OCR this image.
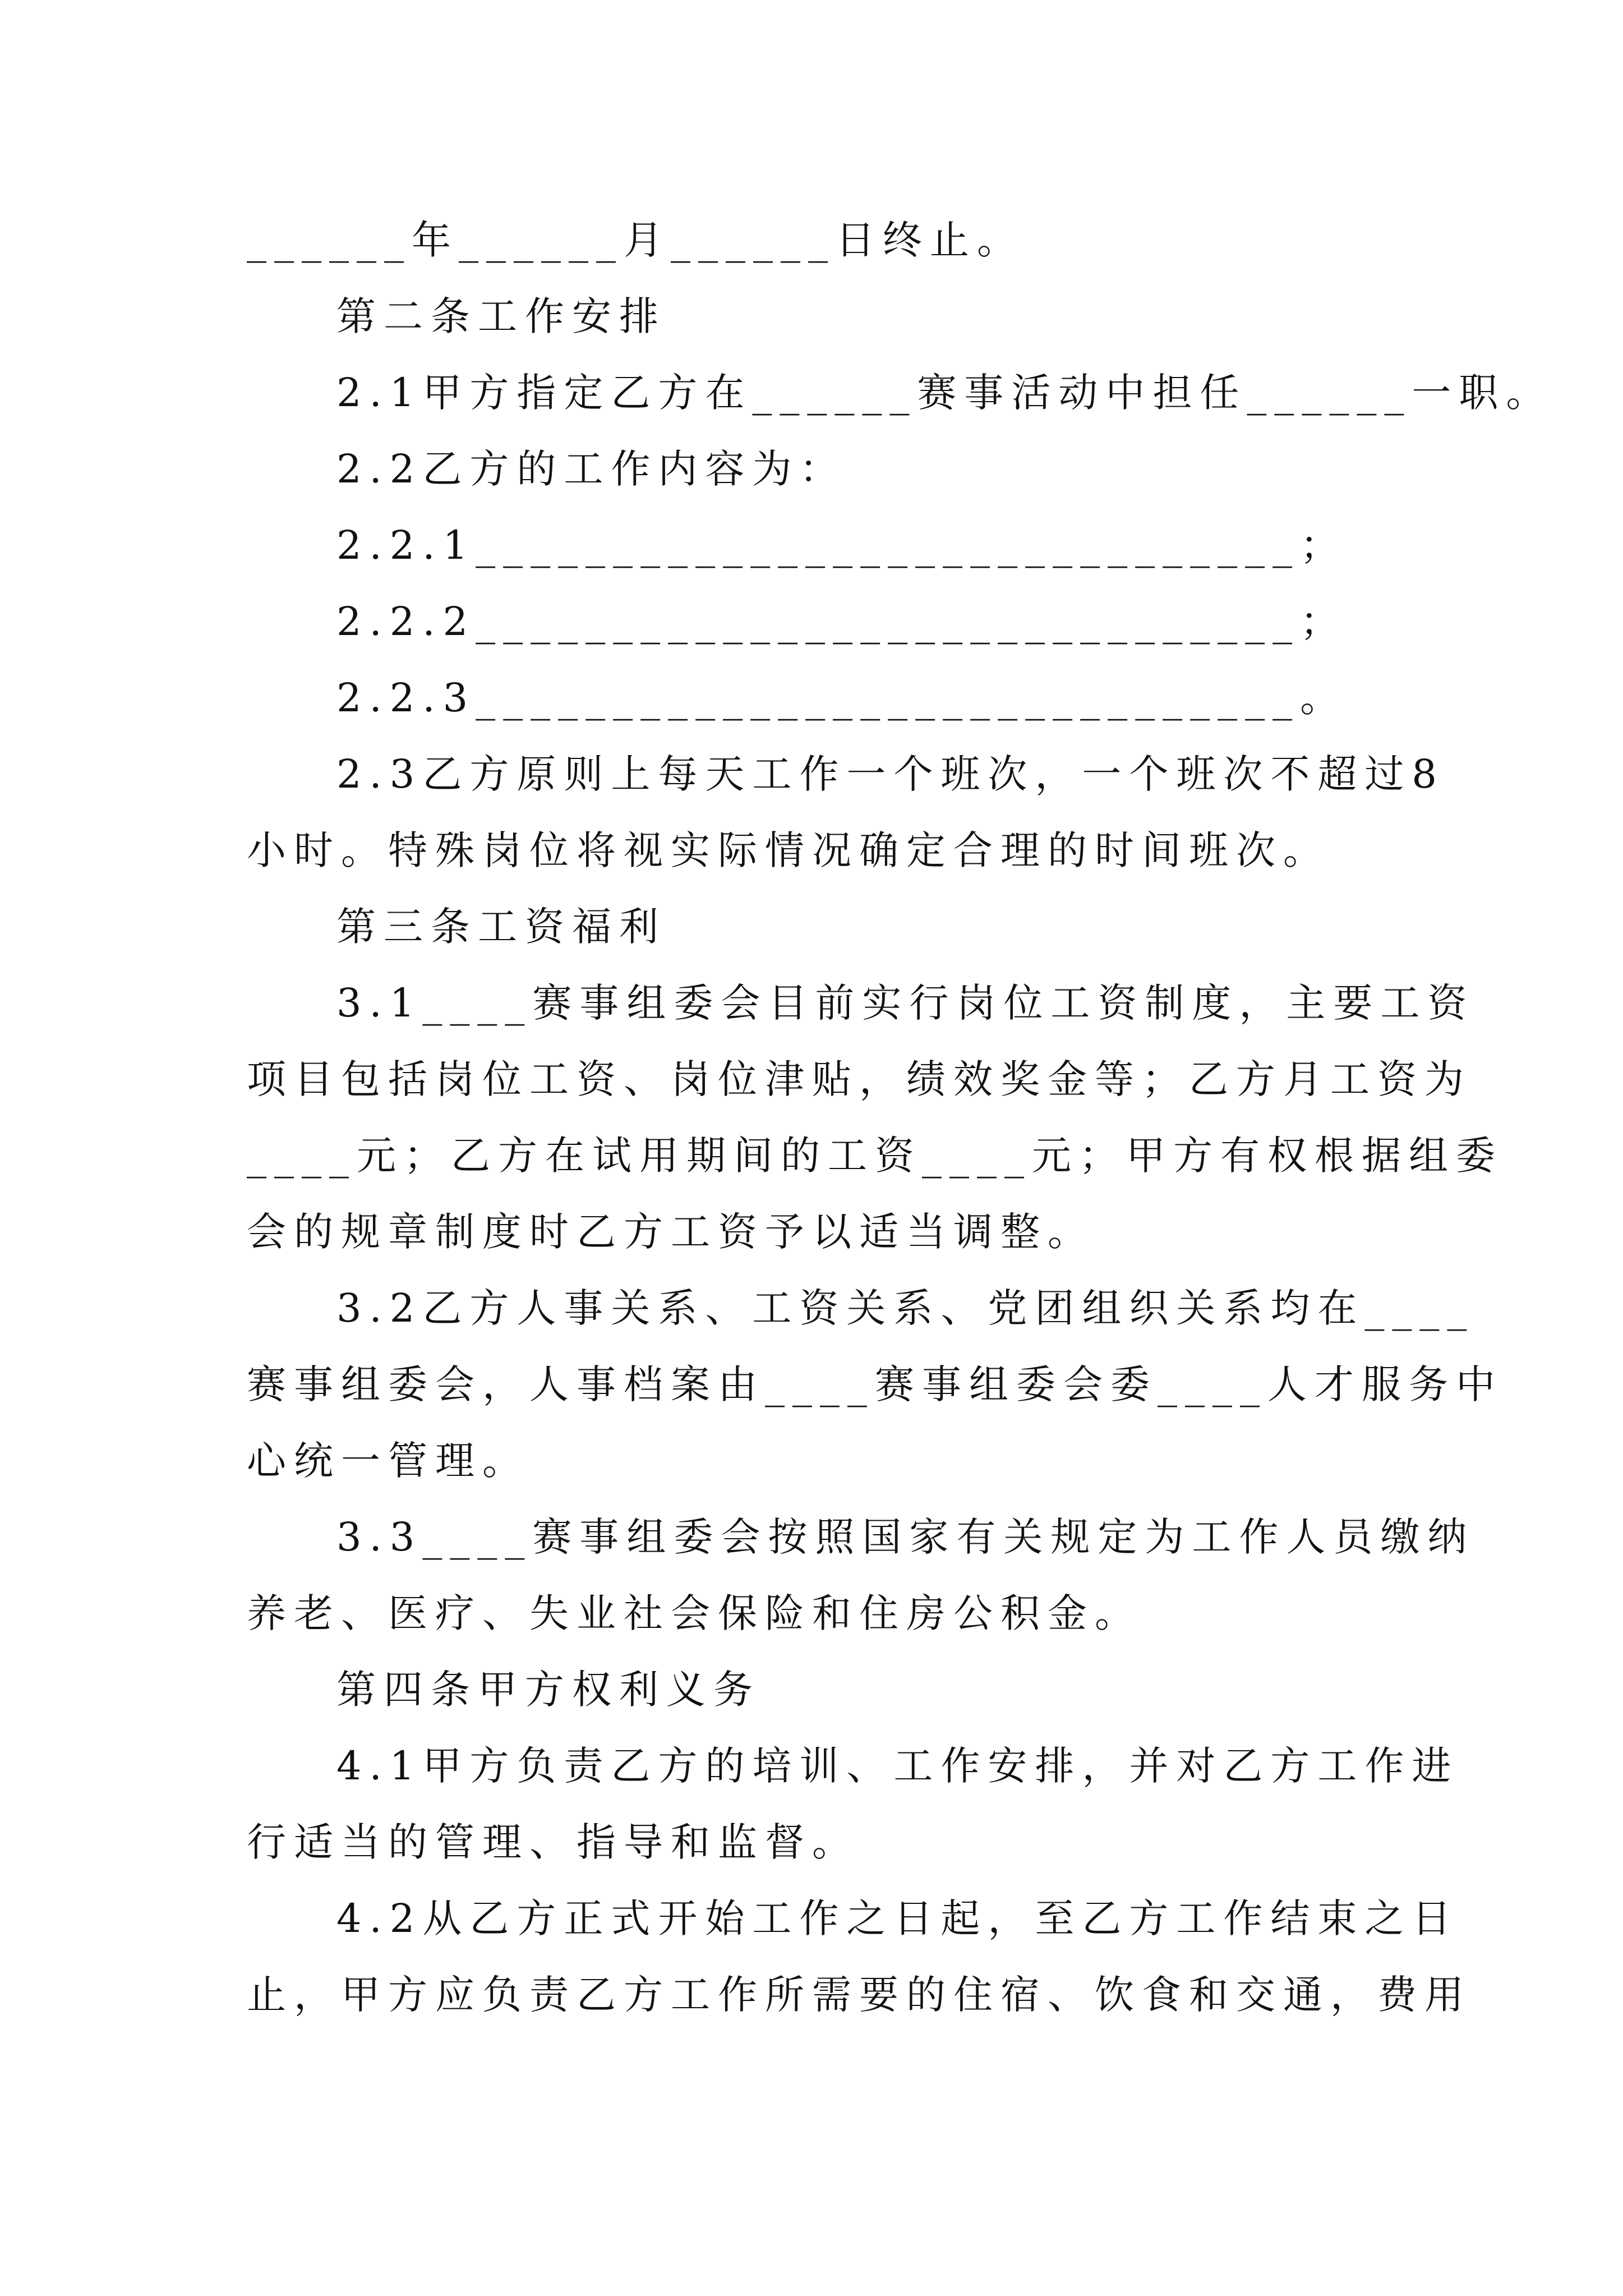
______年______月______日终止。
第二条工作安排
2.1甲方指定乙方在______赛事活动中担任______一职。
2.2乙方的工作内容为：
2.2.1______________________________；
2.2.2______________________________；
2.2.3______________________________。
2.3乙方原则上每天工作一个班次，一个班次不超过8
小时。特殊岗位将视实际情况确定合理的时间班次。
第三条工资福利
3.1____赛事组委会目前实行岗位工资制度，主要工资
项目包括岗位工资、岗位津贴，绩效奖金等；乙方月工资为
____元；乙方在试用期间的工资____元；甲方有权根据组委
会的规章制度时乙方工资予以适当调整。
3.2乙方人事关系、工资关系、党团组织关系均在____
赛事组委会，人事档案由____赛事组委会委____人才服务中
心统一管理。
3.3____赛事组委会按照国家有关规定为工作人员缴纳
养老、医疗、失业社会保险和住房公积金。
第四条甲方权利义务
4.1甲方负责乙方的培训、工作安排，并对乙方工作进
行适当的管理、指导和监督。
4.2从乙方正式开始工作之日起，至乙方工作结束之日
止，甲方应负责乙方工作所需要的住宿、饮食和交通，费用
